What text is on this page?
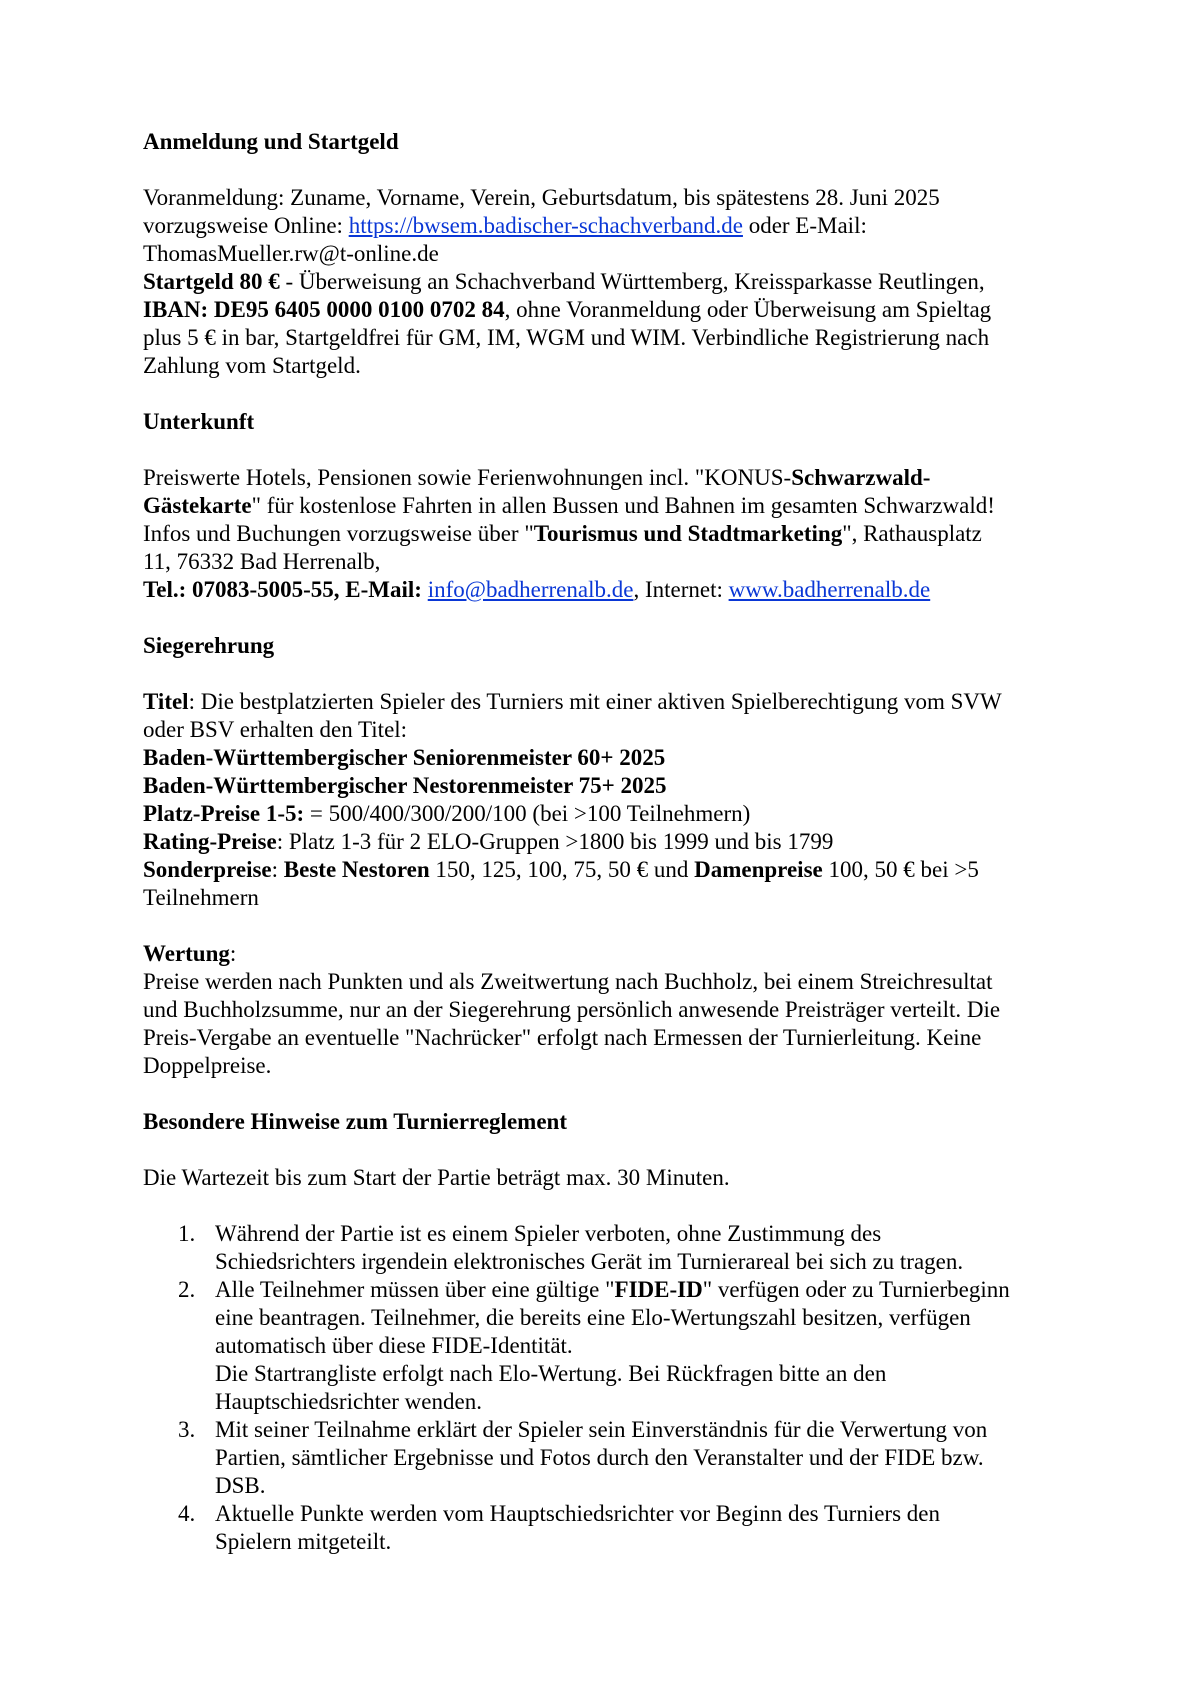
Anmeldung und Startgeld
Voranmeldung: Zuname, Vorname, Verein, Geburtsdatum, bis spätestens 28. Juni 2025
vorzugsweise Online: https://bwsem.badischer-schachverband.de oder E-Mail:
ThomasMueller.rw@t-online.de
Startgeld 80 € - Überweisung an Schachverband Württemberg, Kreissparkasse Reutlingen,
IBAN: DE95 6405 0000 0100 0702 84, ohne Voranmeldung oder Überweisung am Spieltag
plus 5 € in bar, Startgeldfrei für GM, IM, WGM und WIM. Verbindliche Registrierung nach
Zahlung vom Startgeld.
Unterkunft
Preiswerte Hotels, Pensionen sowie Ferienwohnungen incl. "KONUS-Schwarzwald-
Gästekarte" für kostenlose Fahrten in allen Bussen und Bahnen im gesamten Schwarzwald!
Infos und Buchungen vorzugsweise über "Tourismus und Stadtmarketing", Rathausplatz
11, 76332 Bad Herrenalb,
Tel.: 07083-5005-55, E-Mail: info@badherrenalb.de, Internet: www.badherrenalb.de
Siegerehrung
Titel: Die bestplatzierten Spieler des Turniers mit einer aktiven Spielberechtigung vom SVW
oder BSV erhalten den Titel:
Baden-Württembergischer Seniorenmeister 60+ 2025
Baden-Württembergischer Nestorenmeister 75+ 2025
Platz-Preise 1-5: = 500/400/300/200/100 (bei >100 Teilnehmern)
Rating-Preise: Platz 1-3 für 2 ELO-Gruppen >1800 bis 1999 und bis 1799
Sonderpreise: Beste Nestoren 150, 125, 100, 75, 50 € und Damenpreise 100, 50 € bei >5
Teilnehmern
Wertung:
Preise werden nach Punkten und als Zweitwertung nach Buchholz, bei einem Streichresultat
und Buchholzsumme, nur an der Siegerehrung persönlich anwesende Preisträger verteilt. Die
Preis-Vergabe an eventuelle "Nachrücker" erfolgt nach Ermessen der Turnierleitung. Keine
Doppelpreise.
Besondere Hinweise zum Turnierreglement
Die Wartezeit bis zum Start der Partie beträgt max. 30 Minuten.
1. Während der Partie ist es einem Spieler verboten, ohne Zustimmung des
Schiedsrichters irgendein elektronisches Gerät im Turnierareal bei sich zu tragen.
2. Alle Teilnehmer müssen über eine gültige "FIDE-ID" verfügen oder zu Turnierbeginn
eine beantragen. Teilnehmer, die bereits eine Elo-Wertungszahl besitzen, verfügen
automatisch über diese FIDE-Identität.
Die Startrangliste erfolgt nach Elo-Wertung. Bei Rückfragen bitte an den
Hauptschiedsrichter wenden.
3. Mit seiner Teilnahme erklärt der Spieler sein Einverständnis für die Verwertung von
Partien, sämtlicher Ergebnisse und Fotos durch den Veranstalter und der FIDE bzw.
DSB.
4. Aktuelle Punkte werden vom Hauptschiedsrichter vor Beginn des Turniers den
Spielern mitgeteilt.
